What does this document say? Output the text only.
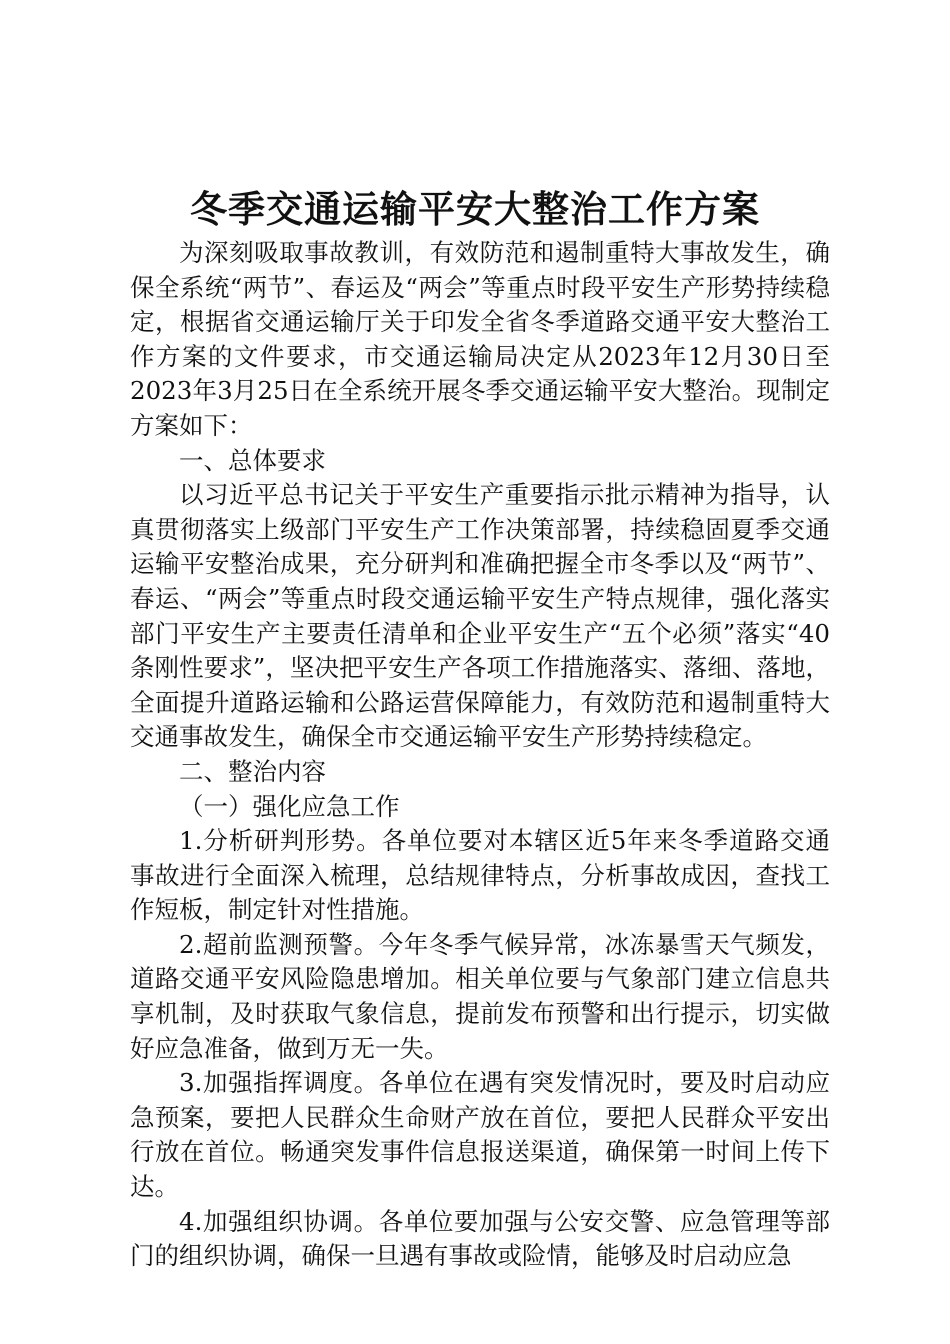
冬季交通运输平安大整治工作方案

为深刻吸取事故教训，有效防范和遏制重特大事故发生，确保全系统“两节”、春运及“两会”等重点时段平安生产形势持续稳定，根据省交通运输厅关于印发全省冬季道路交通平安大整治工作方案的文件要求，市交通运输局决定从2023年12月30日至2023年3月25日在全系统开展冬季交通运输平安大整治。现制定方案如下：

一、总体要求

以习近平总书记关于平安生产重要指示批示精神为指导，认真贯彻落实上级部门平安生产工作决策部署，持续稳固夏季交通运输平安整治成果，充分研判和准确把握全市冬季以及“两节”、春运、“两会”等重点时段交通运输平安生产特点规律，强化落实部门平安生产主要责任清单和企业平安生产“五个必须”落实“40条刚性要求”，坚决把平安生产各项工作措施落实、落细、落地，全面提升道路运输和公路运营保障能力，有效防范和遏制重特大交通事故发生，确保全市交通运输平安生产形势持续稳定。

二、整治内容

（一）强化应急工作

1.分析研判形势。各单位要对本辖区近5年来冬季道路交通事故进行全面深入梳理，总结规律特点，分析事故成因，查找工作短板，制定针对性措施。

2.超前监测预警。今年冬季气候异常，冰冻暴雪天气频发，道路交通平安风险隐患增加。相关单位要与气象部门建立信息共享机制，及时获取气象信息，提前发布预警和出行提示，切实做好应急准备，做到万无一失。

3.加强指挥调度。各单位在遇有突发情况时，要及时启动应急预案，要把人民群众生命财产放在首位，要把人民群众平安出行放在首位。畅通突发事件信息报送渠道，确保第一时间上传下达。

4.加强组织协调。各单位要加强与公安交警、应急管理等部门的组织协调，确保一旦遇有事故或险情，能够及时启动应急
